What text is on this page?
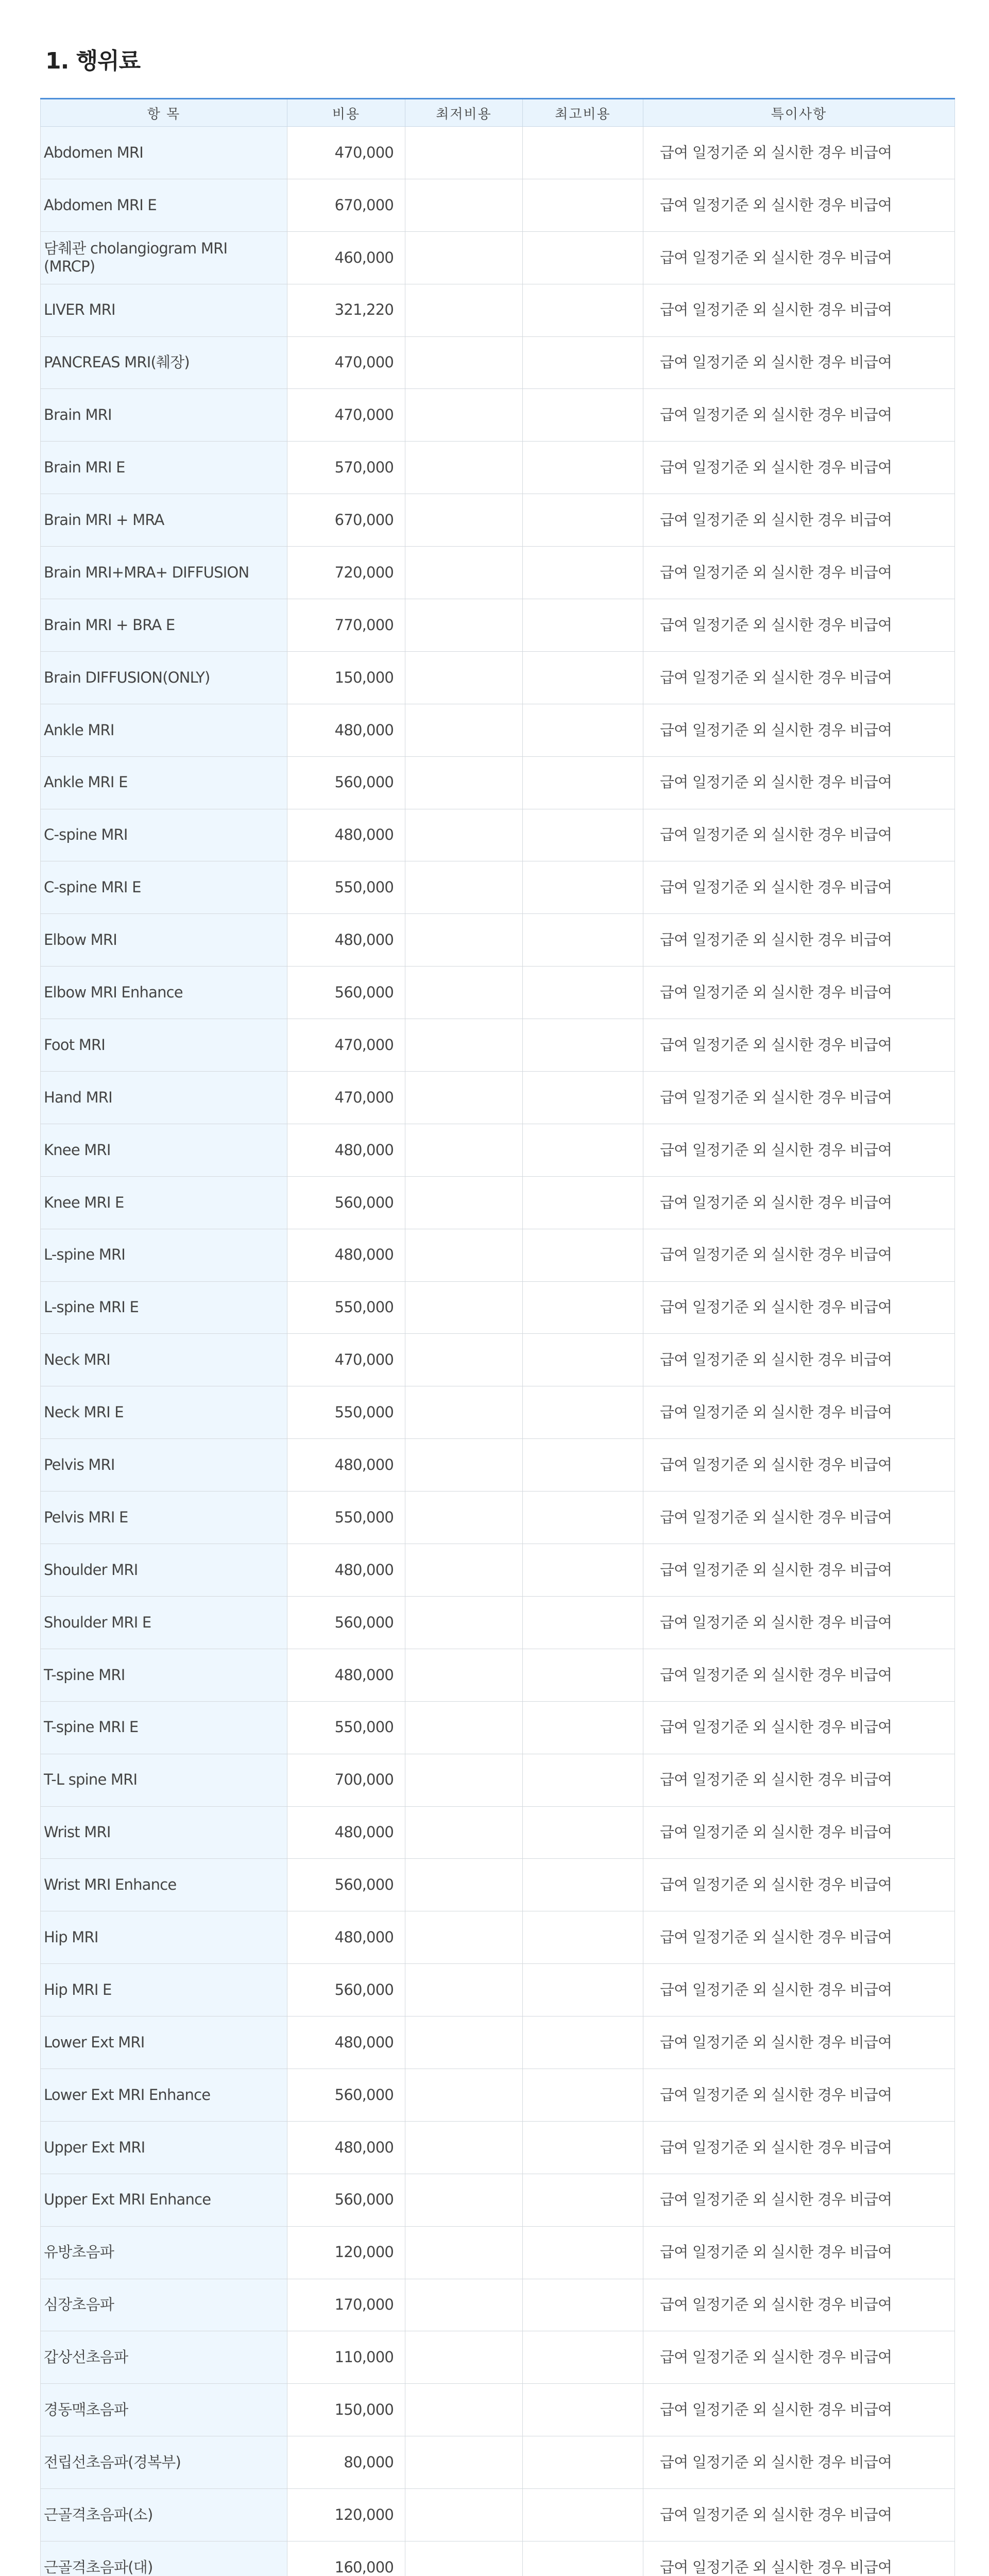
1. 행위료
항 목	비용	최저비용	최고비용	특이사항
Abdomen MRI	470,000			급여 일정기준 외 실시한 경우 비급여
Abdomen MRI E	670,000			급여 일정기준 외 실시한 경우 비급여
담췌관 cholangiogram MRI (MRCP)	460,000			급여 일정기준 외 실시한 경우 비급여
LIVER MRI	321,220			급여 일정기준 외 실시한 경우 비급여
PANCREAS MRI(췌장)	470,000			급여 일정기준 외 실시한 경우 비급여
Brain MRI	470,000			급여 일정기준 외 실시한 경우 비급여
Brain MRI E	570,000			급여 일정기준 외 실시한 경우 비급여
Brain MRI + MRA	670,000			급여 일정기준 외 실시한 경우 비급여
Brain MRI+MRA+ DIFFUSION	720,000			급여 일정기준 외 실시한 경우 비급여
Brain MRI + BRA E	770,000			급여 일정기준 외 실시한 경우 비급여
Brain DIFFUSION(ONLY)	150,000			급여 일정기준 외 실시한 경우 비급여
Ankle MRI	480,000			급여 일정기준 외 실시한 경우 비급여
Ankle MRI E	560,000			급여 일정기준 외 실시한 경우 비급여
C-spine MRI	480,000			급여 일정기준 외 실시한 경우 비급여
C-spine MRI E	550,000			급여 일정기준 외 실시한 경우 비급여
Elbow MRI	480,000			급여 일정기준 외 실시한 경우 비급여
Elbow MRI Enhance	560,000			급여 일정기준 외 실시한 경우 비급여
Foot MRI	470,000			급여 일정기준 외 실시한 경우 비급여
Hand MRI	470,000			급여 일정기준 외 실시한 경우 비급여
Knee MRI	480,000			급여 일정기준 외 실시한 경우 비급여
Knee MRI E	560,000			급여 일정기준 외 실시한 경우 비급여
L-spine MRI	480,000			급여 일정기준 외 실시한 경우 비급여
L-spine MRI E	550,000			급여 일정기준 외 실시한 경우 비급여
Neck MRI	470,000			급여 일정기준 외 실시한 경우 비급여
Neck MRI E	550,000			급여 일정기준 외 실시한 경우 비급여
Pelvis MRI	480,000			급여 일정기준 외 실시한 경우 비급여
Pelvis MRI E	550,000			급여 일정기준 외 실시한 경우 비급여
Shoulder MRI	480,000			급여 일정기준 외 실시한 경우 비급여
Shoulder MRI E	560,000			급여 일정기준 외 실시한 경우 비급여
T-spine MRI	480,000			급여 일정기준 외 실시한 경우 비급여
T-spine MRI E	550,000			급여 일정기준 외 실시한 경우 비급여
T-L spine MRI	700,000			급여 일정기준 외 실시한 경우 비급여
Wrist MRI	480,000			급여 일정기준 외 실시한 경우 비급여
Wrist MRI Enhance	560,000			급여 일정기준 외 실시한 경우 비급여
Hip MRI	480,000			급여 일정기준 외 실시한 경우 비급여
Hip MRI E	560,000			급여 일정기준 외 실시한 경우 비급여
Lower Ext MRI	480,000			급여 일정기준 외 실시한 경우 비급여
Lower Ext MRI Enhance	560,000			급여 일정기준 외 실시한 경우 비급여
Upper Ext MRI	480,000			급여 일정기준 외 실시한 경우 비급여
Upper Ext MRI Enhance	560,000			급여 일정기준 외 실시한 경우 비급여
유방초음파	120,000			급여 일정기준 외 실시한 경우 비급여
심장초음파	170,000			급여 일정기준 외 실시한 경우 비급여
갑상선초음파	110,000			급여 일정기준 외 실시한 경우 비급여
경동맥초음파	150,000			급여 일정기준 외 실시한 경우 비급여
전립선초음파(경복부)	80,000			급여 일정기준 외 실시한 경우 비급여
근골격초음파(소)	120,000			급여 일정기준 외 실시한 경우 비급여
근골격초음파(대)	160,000			급여 일정기준 외 실시한 경우 비급여
